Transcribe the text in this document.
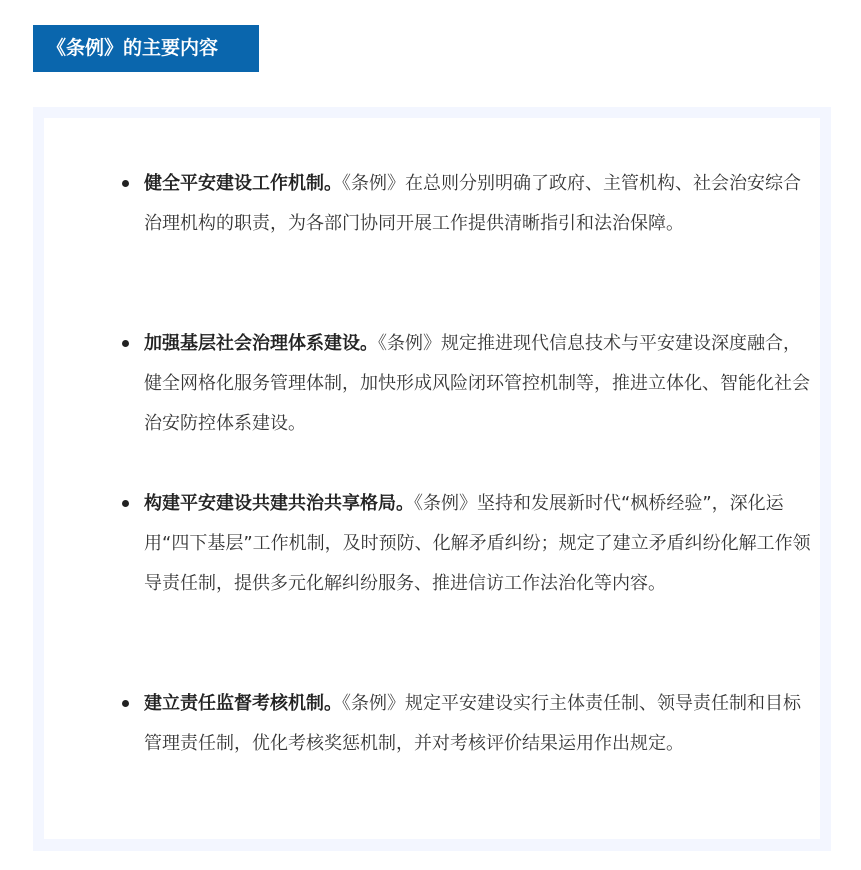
《条例》的主要内容
健全平安建设工作机制。《条例》在总则分别明确了政府、主管机构、社会治安综合治理机构的职责，为各部门协同开展工作提供清晰指引和法治保障。
加强基层社会治理体系建设。《条例》规定推进现代信息技术与平安建设深度融合，健全网格化服务管理体制，加快形成风险闭环管控机制等，推进立体化、智能化社会治安防控体系建设。
构建平安建设共建共治共享格局。《条例》坚持和发展新时代“枫桥经验”，深化运用“四下基层”工作机制，及时预防、化解矛盾纠纷；规定了建立矛盾纠纷化解工作领导责任制，提供多元化解纠纷服务、推进信访工作法治化等内容。
建立责任监督考核机制。《条例》规定平安建设实行主体责任制、领导责任制和目标管理责任制，优化考核奖惩机制，并对考核评价结果运用作出规定。
